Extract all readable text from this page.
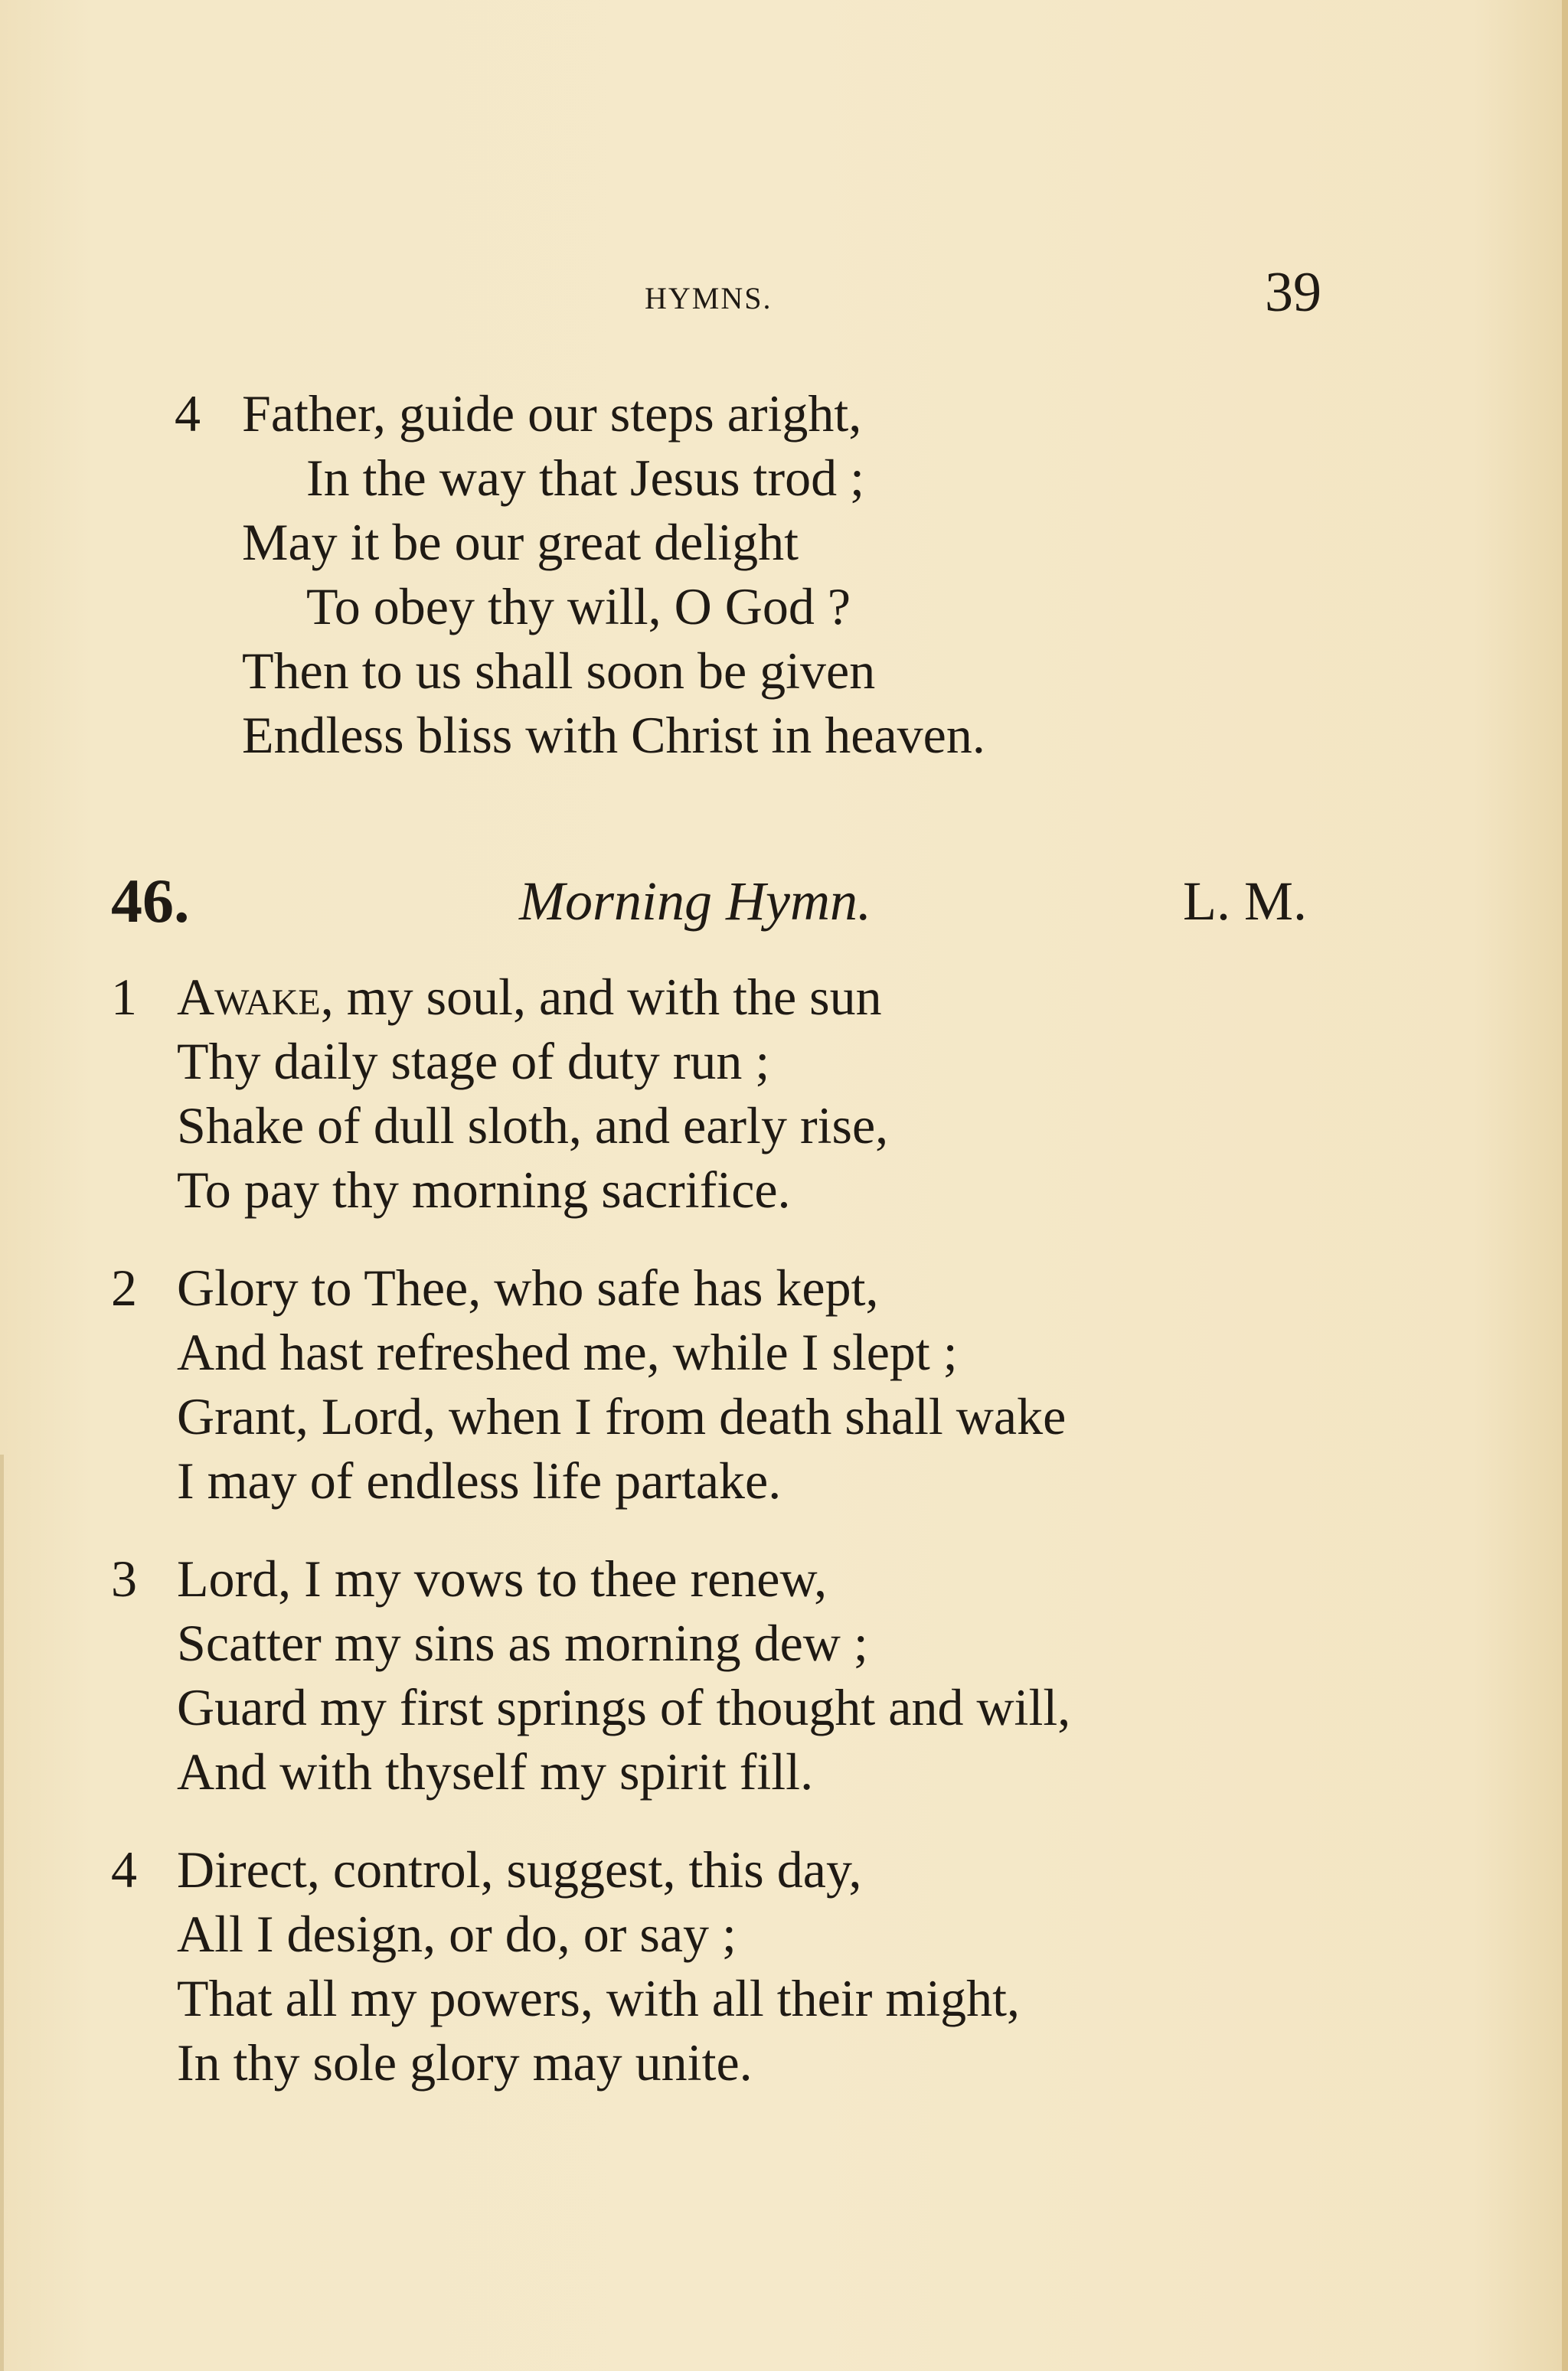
HYMNS.	39
4 Father, guide our steps aright,
In the way that Jesus trod ;
May it be our great delight
To obey thy will, O God ?
Then to us shall soon be given
Endless bliss with Christ in heaven.
46.	Morning Hymn.	L. M.
1 Awake, my soul, and with the sun
Thy daily stage of duty run ;
Shake of dull sloth, and early rise,
To pay thy morning sacrifice.
2 Glory to Thee, who safe has kept,
And hast refreshed me, while I slept ;
Grant, Lord, when I from death shall wake
I may of endless life partake.
3 Lord, I my vows to thee renew,
Scatter my sins as morning dew ;
Guard my first springs of thought and will,
And with thyself my spirit fill.
4 Direct, control, suggest, this day,
All I design, or do, or say ;
That all my powers, with all their might,
In thy sole glory may unite.
